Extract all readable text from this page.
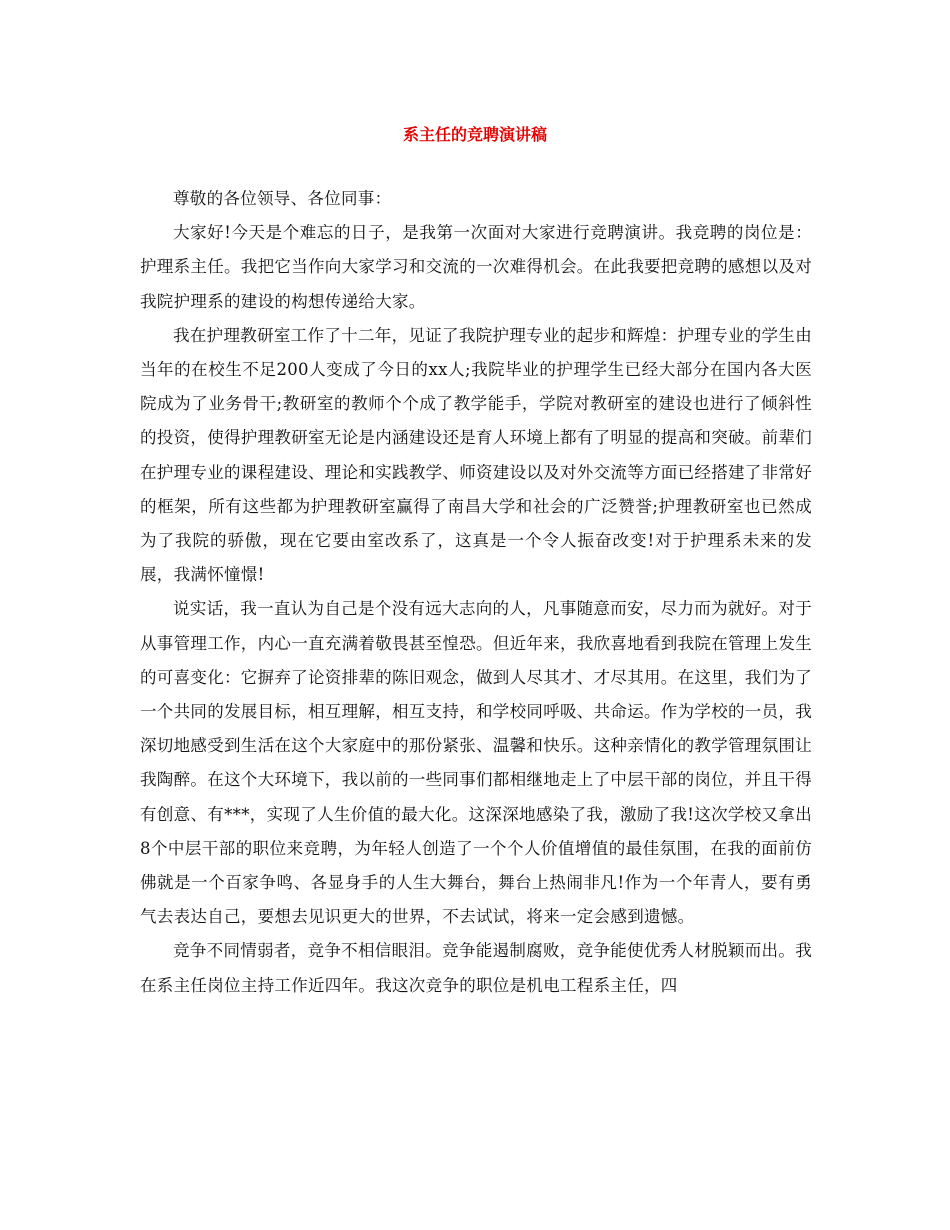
系主任的竞聘演讲稿

尊敬的各位领导、各位同事：

大家好!今天是个难忘的日子，是我第一次面对大家进行竞聘演讲。我竞聘的岗位是：护理系主任。我把它当作向大家学习和交流的一次难得机会。在此我要把竞聘的感想以及对我院护理系的建设的构想传递给大家。

我在护理教研室工作了十二年，见证了我院护理专业的起步和辉煌：护理专业的学生由当年的在校生不足200人变成了今日的xx人;我院毕业的护理学生已经大部分在国内各大医院成为了业务骨干;教研室的教师个个成了教学能手，学院对教研室的建设也进行了倾斜性的投资，使得护理教研室无论是内涵建设还是育人环境上都有了明显的提高和突破。前辈们在护理专业的课程建设、理论和实践教学、师资建设以及对外交流等方面已经搭建了非常好的框架，所有这些都为护理教研室赢得了南昌大学和社会的广泛赞誉;护理教研室也已然成为了我院的骄傲，现在它要由室改系了，这真是一个令人振奋改变!对于护理系未来的发展，我满怀憧憬!

说实话，我一直认为自己是个没有远大志向的人，凡事随意而安，尽力而为就好。对于从事管理工作，内心一直充满着敬畏甚至惶恐。但近年来，我欣喜地看到我院在管理上发生的可喜变化：它摒弃了论资排辈的陈旧观念，做到人尽其才、才尽其用。在这里，我们为了一个共同的发展目标，相互理解，相互支持，和学校同呼吸、共命运。作为学校的一员，我深切地感受到生活在这个大家庭中的那份紧张、温馨和快乐。这种亲情化的教学管理氛围让我陶醉。在这个大环境下，我以前的一些同事们都相继地走上了中层干部的岗位，并且干得有创意、有***，实现了人生价值的最大化。这深深地感染了我，激励了我!这次学校又拿出8个中层干部的职位来竞聘，为年轻人创造了一个个人价值增值的最佳氛围，在我的面前仿佛就是一个百家争鸣、各显身手的人生大舞台，舞台上热闹非凡!作为一个年青人，要有勇气去表达自己，要想去见识更大的世界，不去试试，将来一定会感到遗憾。

竞争不同情弱者，竞争不相信眼泪。竞争能遏制腐败，竞争能使优秀人材脱颖而出。我在系主任岗位主持工作近四年。我这次竞争的职位是机电工程系主任，四
